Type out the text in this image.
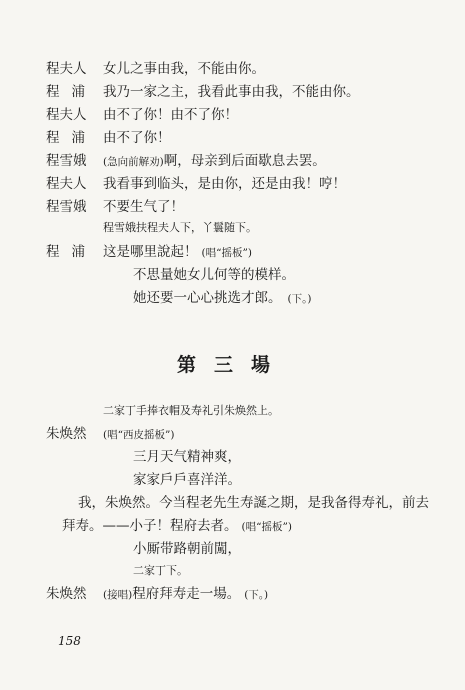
程夫人	女儿之事由我，不能由你。
程浦 我乃一家之主，我看此事由我，不能由你。
程夫人	由不了你！由不了你！
程浦 由不了你！
程雪娥	(急向前解劝)啊，母亲到后面歇息去罢。
程夫人	我看事到临头，是由你，还是由我！哼！
程雪娥	不要生气了！
程雪娥扶程夫人下，丫鬟随下。
程浦 这是哪里說起！ (唱“摇板”)
不思量她女儿何等的模样。
她还要一心心挑选才郎。 (下。)
第三場
二家丁手捧衣帽及寿礼引朱焕然上。
朱焕然	(唱“西皮摇板”)
三月天气精神爽，
家家戶戶喜洋洋。
我，朱焕然。今当程老先生寿誕之期，是我备得寿礼，前去
拜寿。——小子！程府去者。 (唱“摇板”)
小厮带路朝前闖，
二家丁下。
朱焕然	(接唱)程府拜寿走一場。 (下。)
158
